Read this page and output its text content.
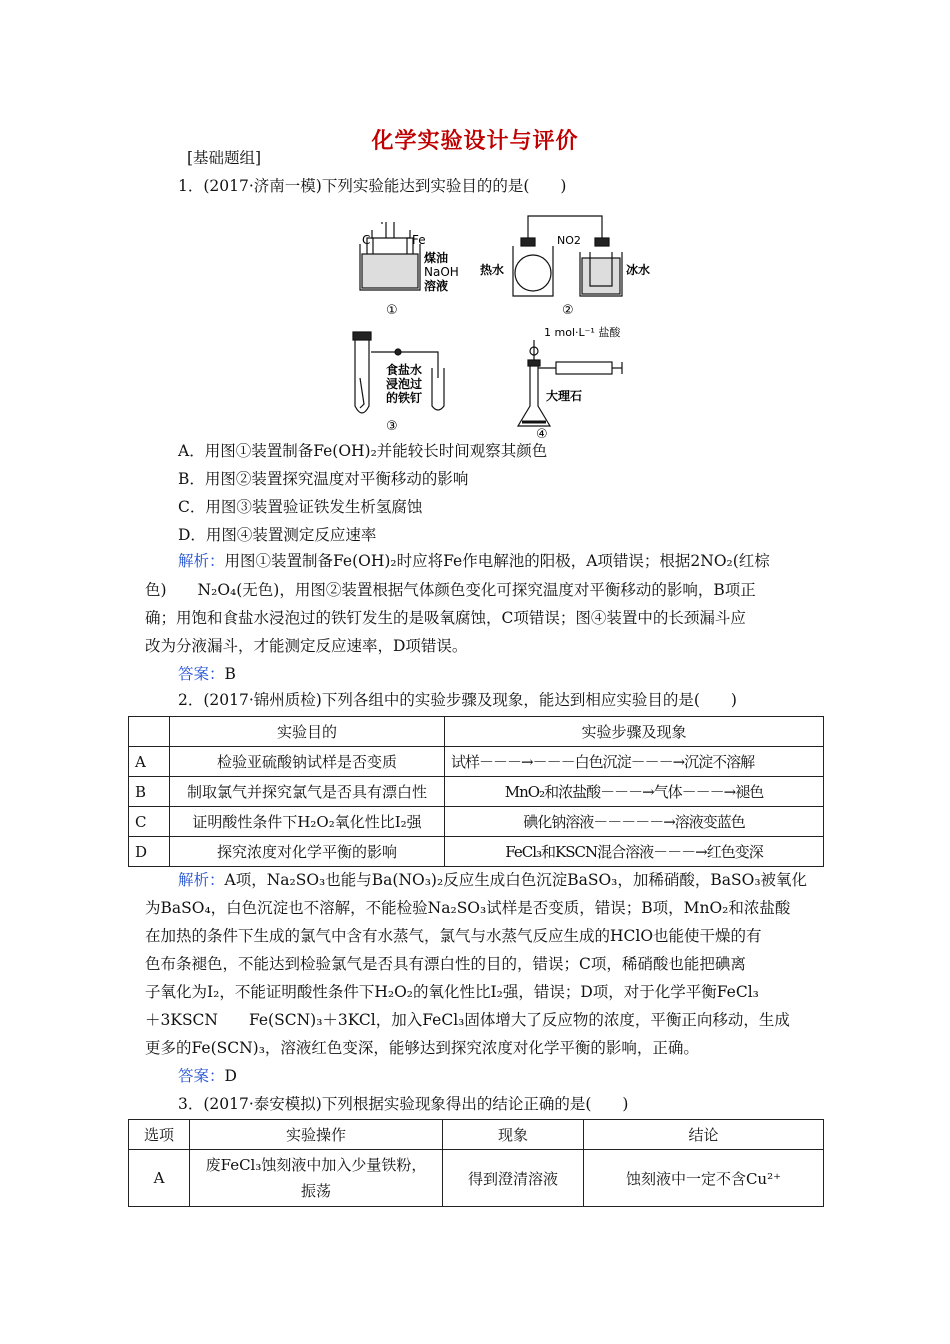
化学实验设计与评价
[基础题组]
1．(2017·济南一模)下列实验能达到实验目的的是(　　)
C	Fe
煤油
NaOH
溶液
①
NO2
热水	冰水
②
食盐水
浸泡过
的铁钉
③
1 mol·L⁻¹ 盐酸
大理石
④
A．用图①装置制备Fe(OH)₂并能较长时间观察其颜色
B．用图②装置探究温度对平衡移动的影响
C．用图③装置验证铁发生析氢腐蚀
D．用图④装置测定反应速率
解析：用图①装置制备Fe(OH)₂时应将Fe作电解池的阳极，A项错误；根据2NO₂(红棕
色)　　N₂O₄(无色)，用图②装置根据气体颜色变化可探究温度对平衡移动的影响，B项正
确；用饱和食盐水浸泡过的铁钉发生的是吸氧腐蚀，C项错误；图④装置中的长颈漏斗应
改为分液漏斗，才能测定反应速率，D项错误。
答案：B
2．(2017·锦州质检)下列各组中的实验步骤及现象，能达到相应实验目的是(　　)
	实验目的	实验步骤及现象
A	检验亚硫酸钠试样是否变质	试样－－－→－－－白色沉淀－－－→沉淀不溶解
B	制取氯气并探究氯气是否具有漂白性	MnO₂和浓盐酸－－－→气体－－－→褪色
C	证明酸性条件下H₂O₂氧化性比I₂强	碘化钠溶液－－－－－→溶液变蓝色
D	探究浓度对化学平衡的影响	FeCl₃和KSCN混合溶液－－－→红色变深
解析：A项，Na₂SO₃也能与Ba(NO₃)₂反应生成白色沉淀BaSO₃，加稀硝酸，BaSO₃被氧化
为BaSO₄，白色沉淀也不溶解，不能检验Na₂SO₃试样是否变质，错误；B项，MnO₂和浓盐酸
在加热的条件下生成的氯气中含有水蒸气，氯气与水蒸气反应生成的HClO也能使干燥的有
色布条褪色，不能达到检验氯气是否具有漂白性的目的，错误；C项，稀硝酸也能把碘离
子氧化为I₂，不能证明酸性条件下H₂O₂的氧化性比I₂强，错误；D项，对于化学平衡FeCl₃
＋3KSCN　　Fe(SCN)₃＋3KCl，加入FeCl₃固体增大了反应物的浓度，平衡正向移动，生成
更多的Fe(SCN)₃，溶液红色变深，能够达到探究浓度对化学平衡的影响，正确。
答案：D
3．(2017·泰安模拟)下列根据实验现象得出的结论正确的是(　　)
选项	实验操作	现象	结论
A	废FeCl₃蚀刻液中加入少量铁粉，
振荡	得到澄清溶液	蚀刻液中一定不含Cu²⁺
